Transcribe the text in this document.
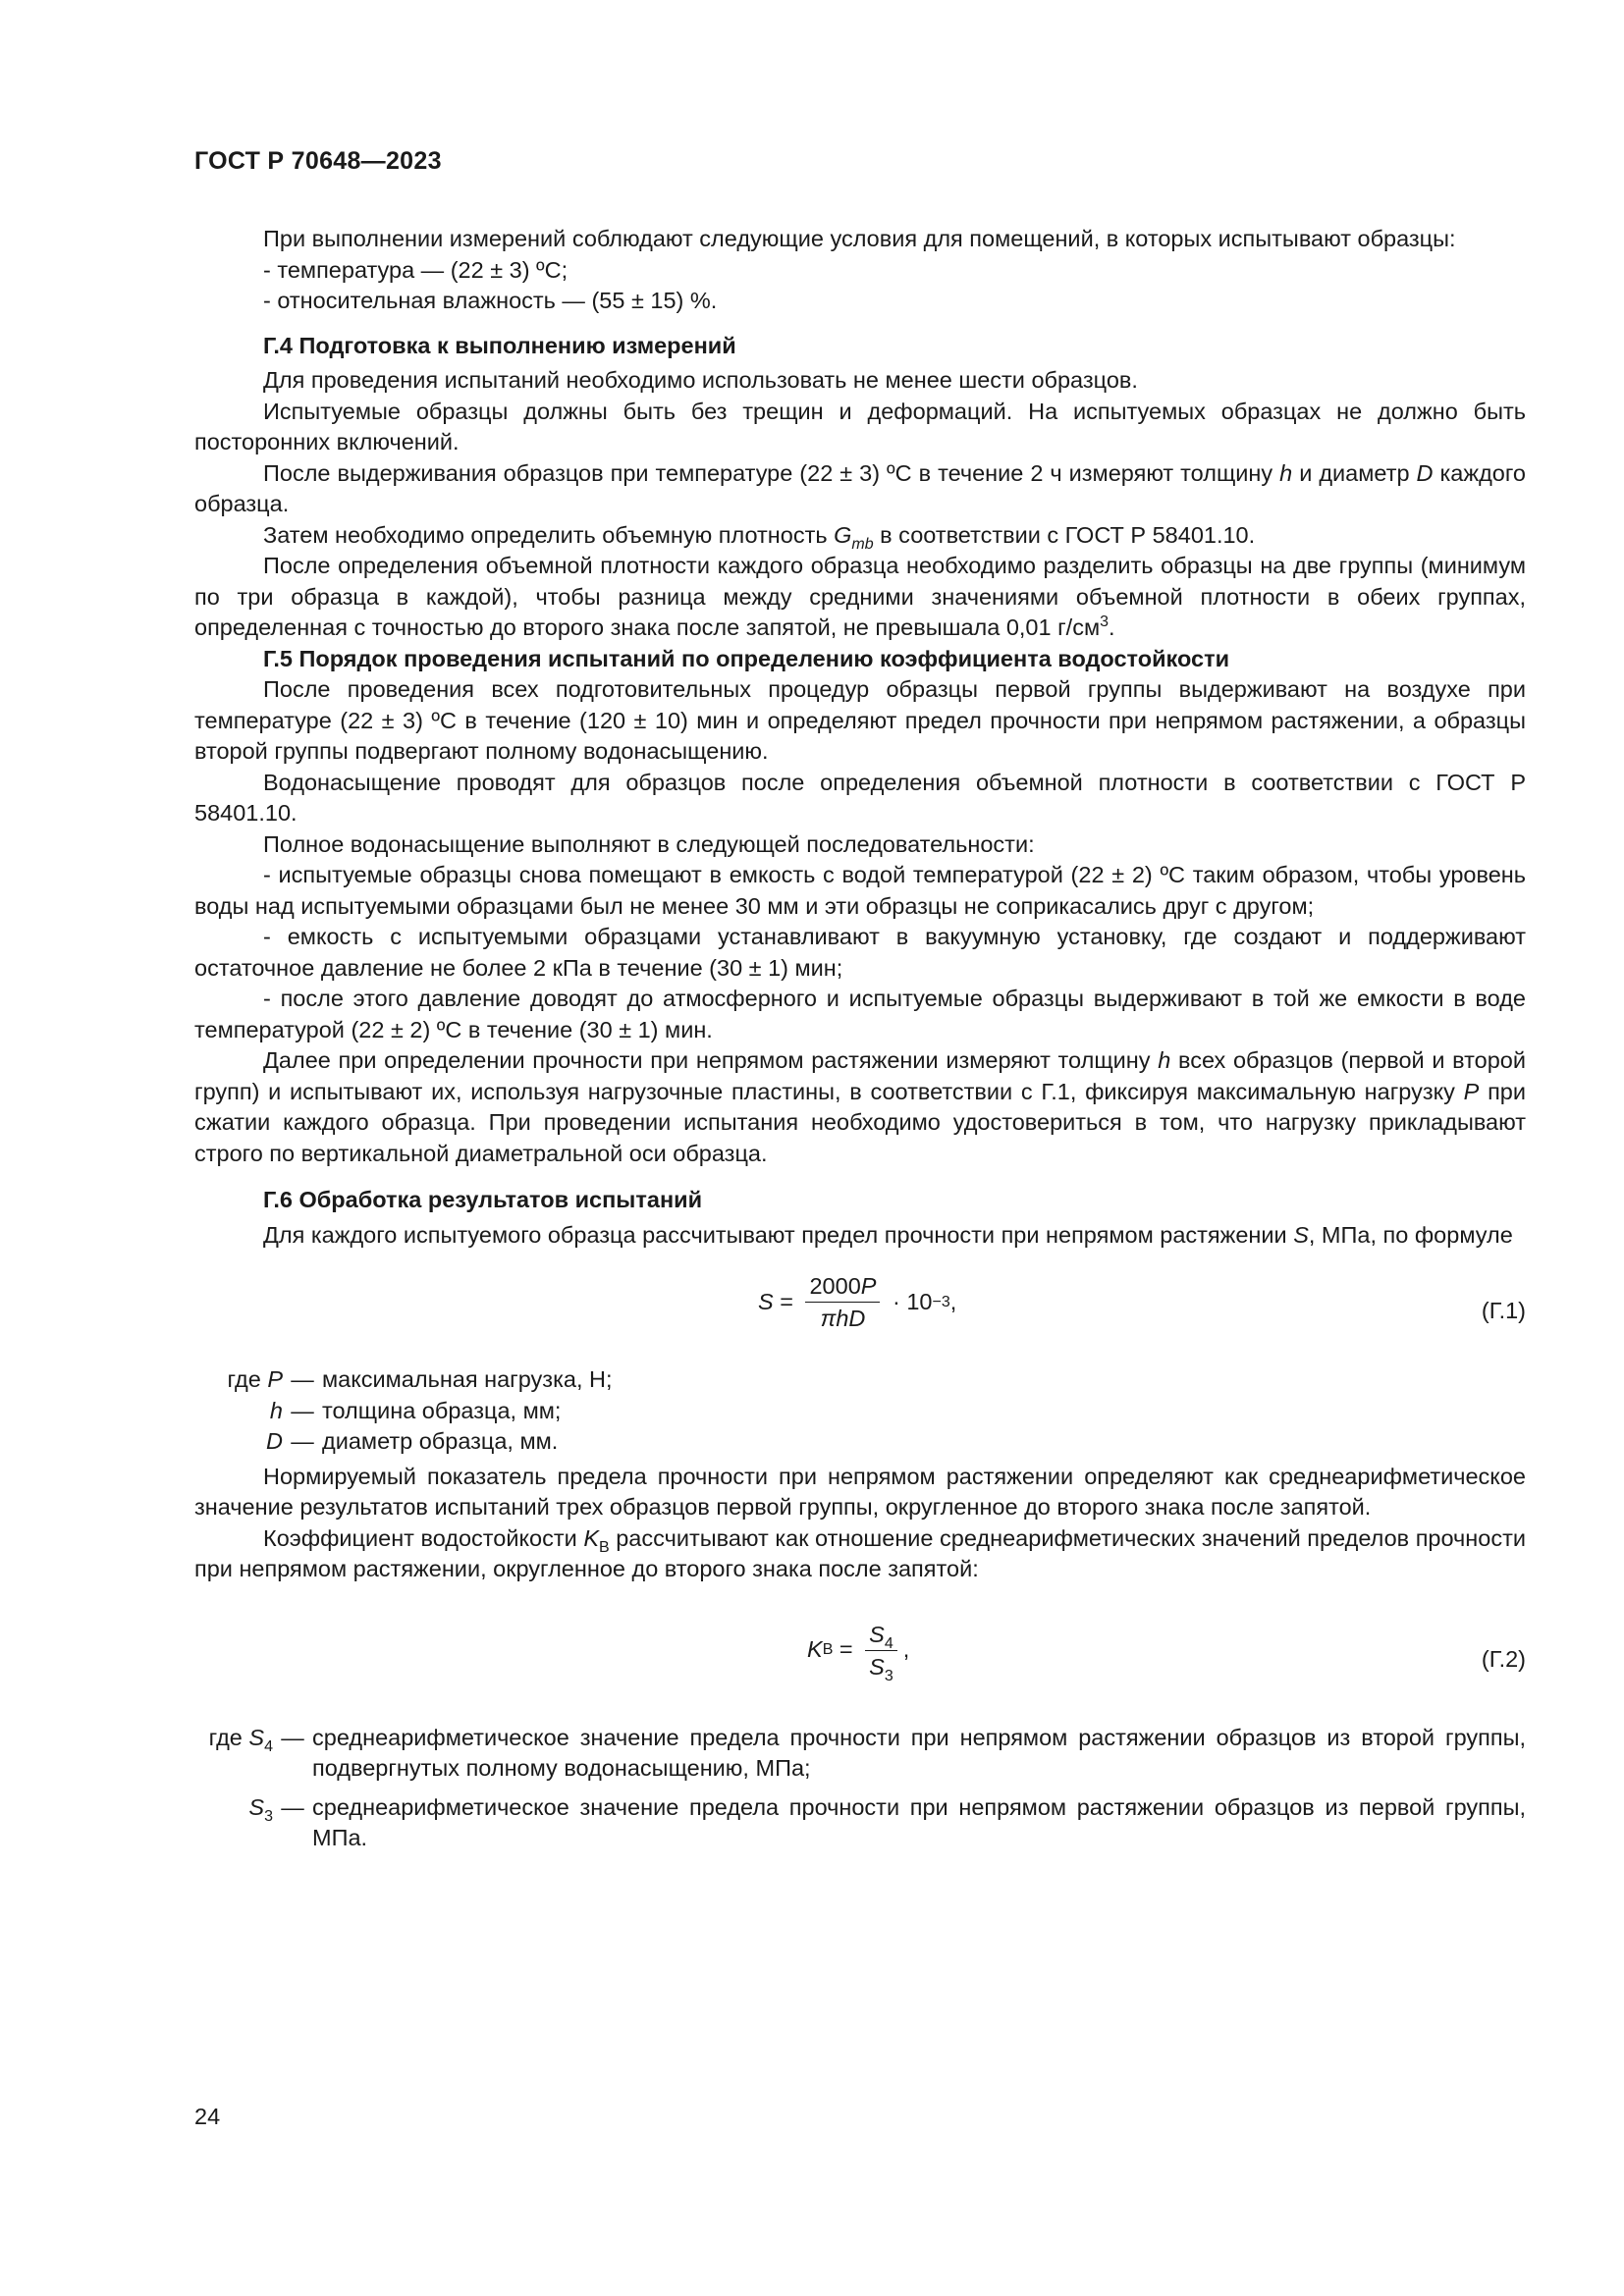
ГОСТ Р 70648—2023

При выполнении измерений соблюдают следующие условия для помещений, в которых испытывают образцы:

- температура — (22 ± 3) ºС;

- относительная влажность — (55 ± 15) %.

Г.4 Подготовка к выполнению измерений

Для проведения испытаний необходимо использовать не менее шести образцов.

Испытуемые образцы должны быть без трещин и деформаций. На испытуемых образцах не должно быть посторонних включений.

После выдерживания образцов при температуре (22 ± 3) ºС в течение 2 ч измеряют толщину h и диаметр D каждого образца.

Затем необходимо определить объемную плотность $G_{mb}$ в соответствии с ГОСТ Р 58401.10.

После определения объемной плотности каждого образца необходимо разделить образцы на две группы (минимум по три образца в каждой), чтобы разница между средними значениями объемной плотности в обеих группах, определенная с точностью до второго знака после запятой, не превышала 0,01 $г/см^3$.

Г.5 Порядок проведения испытаний по определению коэффициента водостойкости

После проведения всех подготовительных процедур образцы первой группы выдерживают на воздухе при температуре (22 ± 3) ºС в течение (120 ± 10) мин и определяют предел прочности при непрямом растяжении, а образцы второй группы подвергают полному водонасыщению.

Водонасыщение проводят для образцов после определения объемной плотности в соответствии с ГОСТ Р 58401.10.

Полное водонасыщение выполняют в следующей последовательности:

- испытуемые образцы снова помещают в емкость с водой температурой (22 ± 2) ºС таким образом, чтобы уровень воды над испытуемыми образцами был не менее 30 мм и эти образцы не соприкасались друг с другом;

- емкость с испытуемыми образцами устанавливают в вакуумную установку, где создают и поддерживают остаточное давление не более 2 кПа в течение (30 ± 1) мин;

- после этого давление доводят до атмосферного и испытуемые образцы выдерживают в той же емкости в воде температурой (22 ± 2) ºС в течение (30 ± 1) мин.

Далее при определении прочности при непрямом растяжении измеряют толщину h всех образцов (первой и второй групп) и испытывают их, используя нагрузочные пластины, в соответствии с Г.1, фиксируя максимальную нагрузку P при сжатии каждого образца. При проведении испытания необходимо удостовериться в том, что нагрузку прикладывают строго по вертикальной диаметральной оси образца.

Г.6 Обработка результатов испытаний

Для каждого испытуемого образца рассчитывают предел прочности при непрямом растяжении S, МПа, по формуле

$S = \frac{2000P}{\text{πhD}} \cdot 10 -3$ ,	(Г.1)
где P — максимальная нагрузка, Н;
h — толщина образца, мм;
D — диаметр образца, мм.

Нормируемый показатель предела прочности при непрямом растяжении определяют как среднеарифметическое значение результатов испытаний трех образцов первой группы, округленное до второго знака после запятой.

Коэффициент водостойкости $K_В$ рассчитывают как отношение среднеарифметических значений пределов прочности при непрямом растяжении, округленное до второго знака после запятой:

K $В = \frac{S_4}{S_3}$ ,	(Г.2)
где $S_4$ — среднеарифметическое значение предела прочности при непрямом растяжении образцов из второй группы, подвергнутых полному водонасыщению, МПа;
$S_3$ — среднеарифметическое значение предела прочности при непрямом растяжении образцов из первой группы, МПа.
24
